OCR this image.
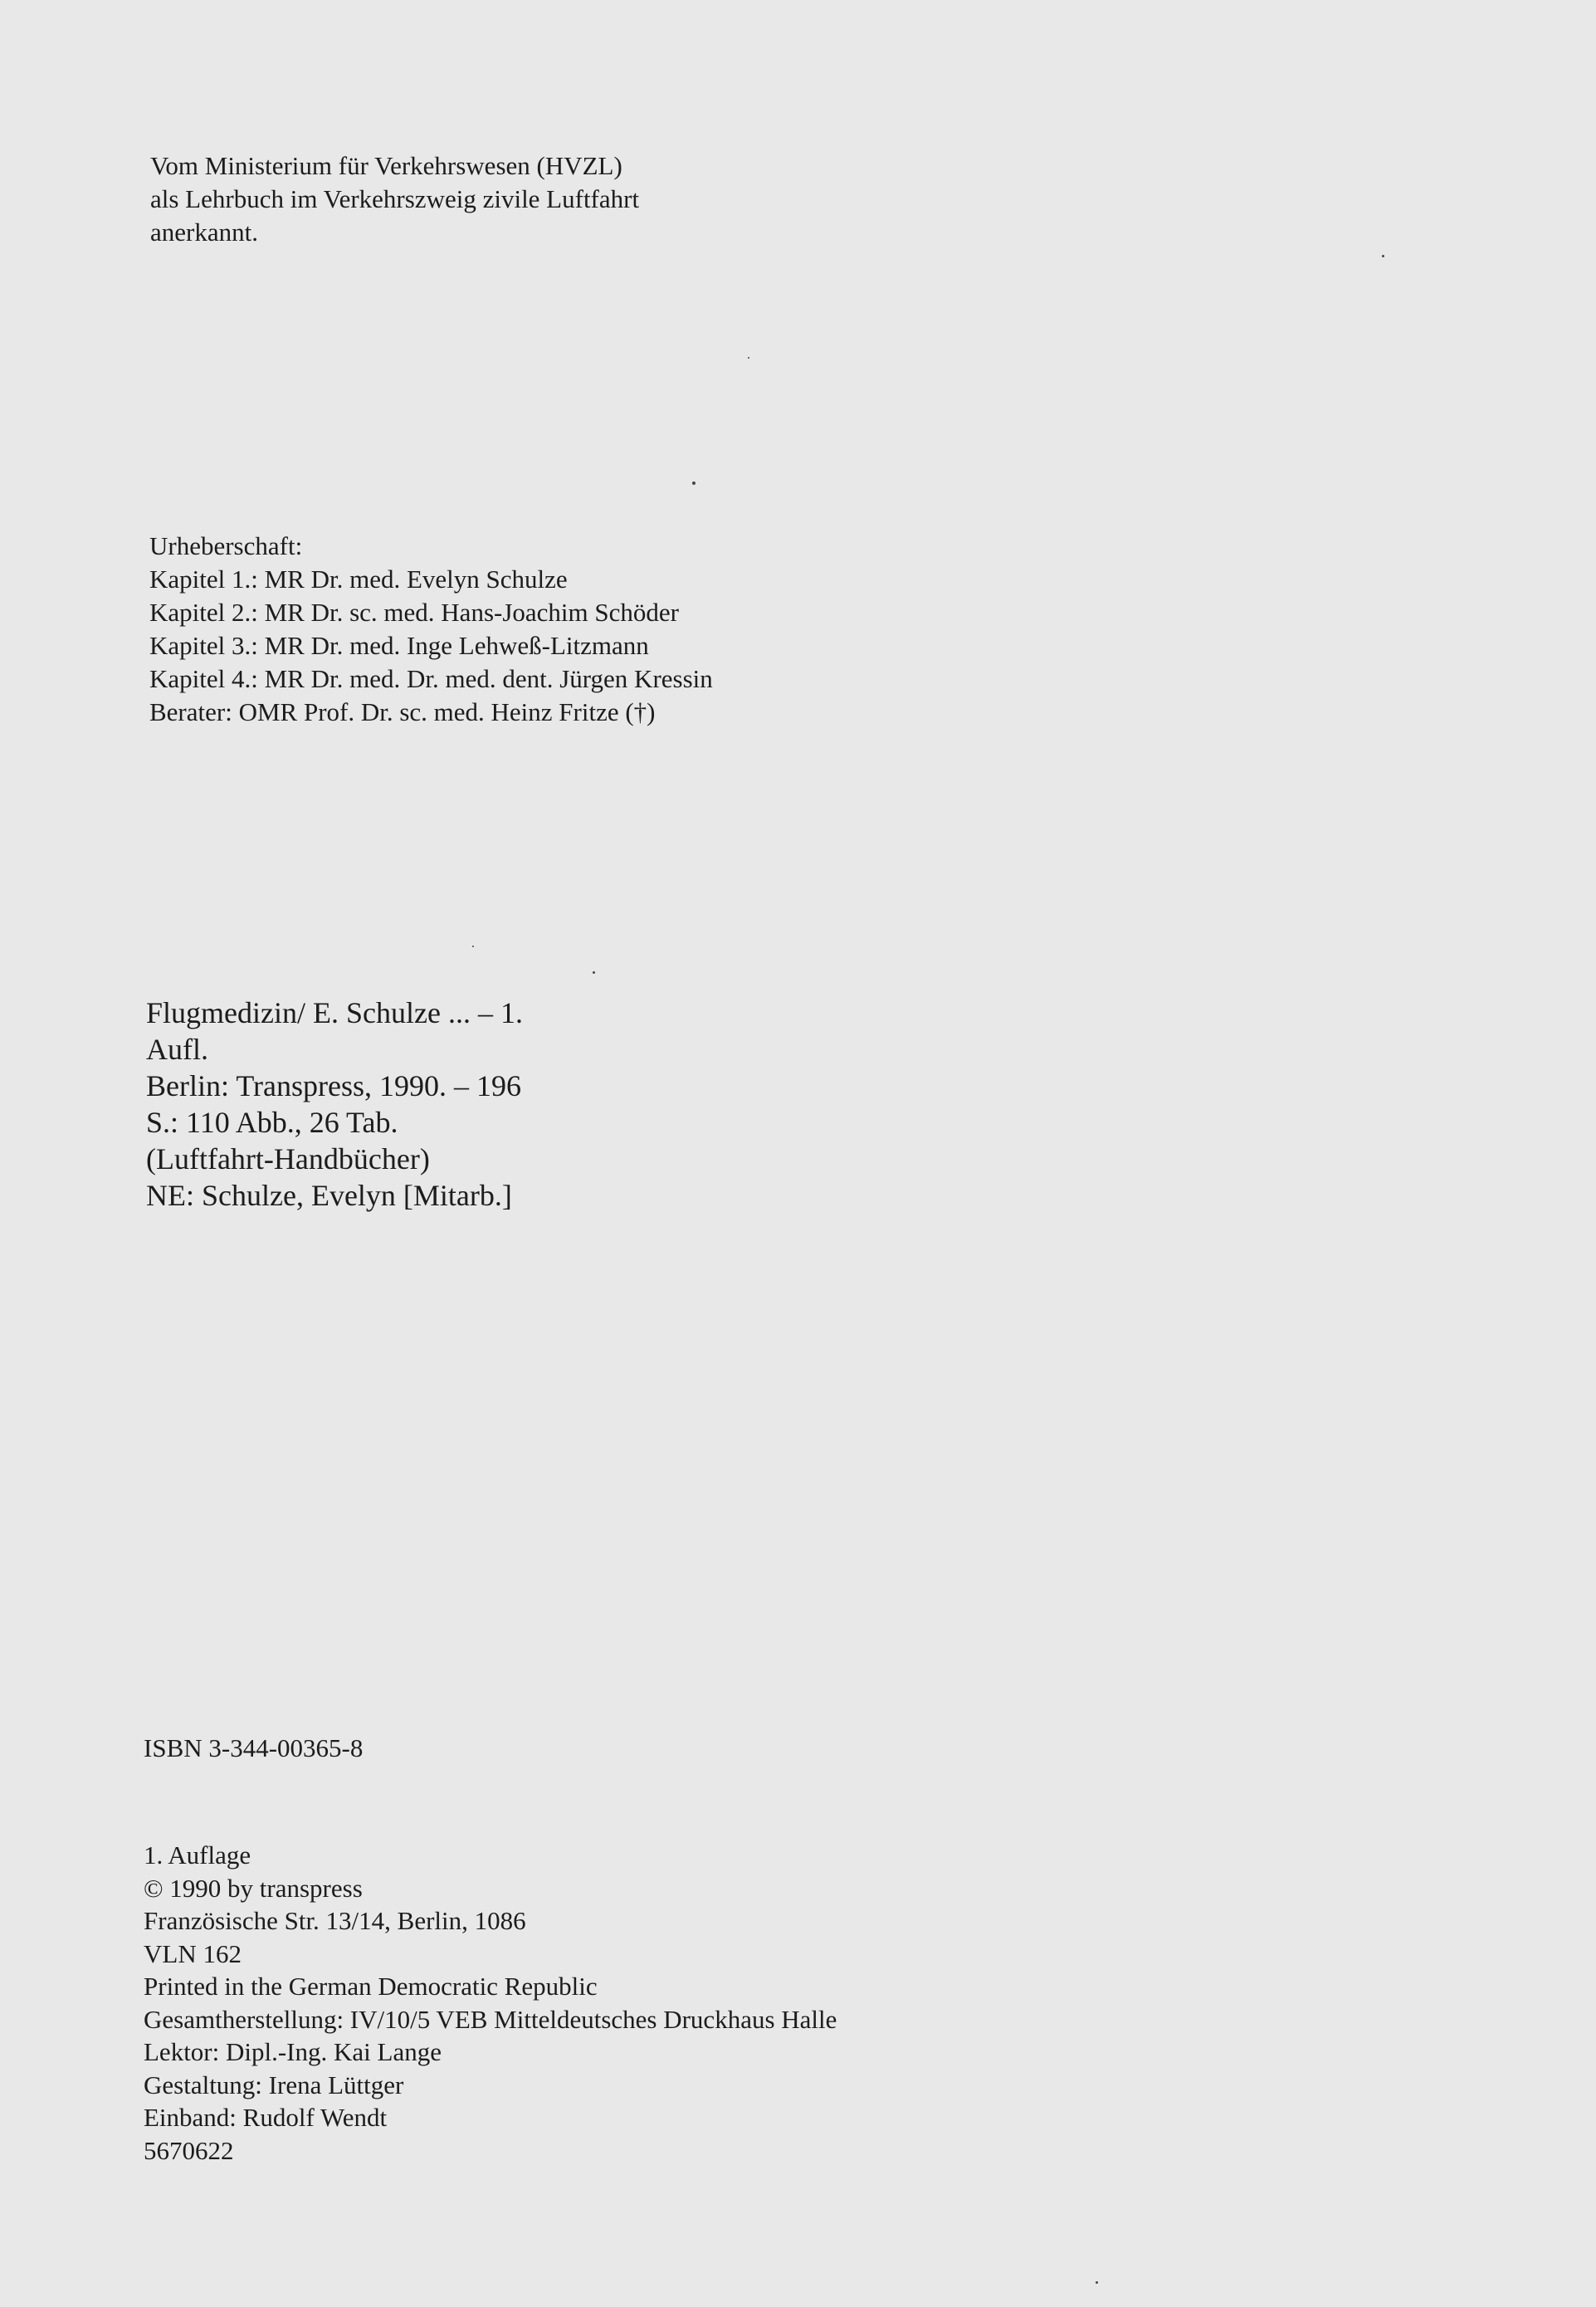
Vom Ministerium für Verkehrswesen (HVZL)
als Lehrbuch im Verkehrszweig zivile Luftfahrt
anerkannt.
Urheberschaft:
Kapitel 1.: MR Dr. med. Evelyn Schulze
Kapitel 2.: MR Dr. sc. med. Hans-Joachim Schöder
Kapitel 3.: MR Dr. med. Inge Lehweß-Litzmann
Kapitel 4.: MR Dr. med. Dr. med. dent. Jürgen Kressin
Berater: OMR Prof. Dr. sc. med. Heinz Fritze (†)
Flugmedizin/ E. Schulze ... – 1.
Aufl.
Berlin: Transpress, 1990. – 196
S.: 110 Abb., 26 Tab.
(Luftfahrt-Handbücher)
NE: Schulze, Evelyn [Mitarb.]
ISBN 3-344-00365-8
1. Auflage
© 1990 by transpress
Französische Str. 13/14, Berlin, 1086
VLN 162
Printed in the German Democratic Republic
Gesamtherstellung: IV/10/5 VEB Mitteldeutsches Druckhaus Halle
Lektor: Dipl.-Ing. Kai Lange
Gestaltung: Irena Lüttger
Einband: Rudolf Wendt
5670622
